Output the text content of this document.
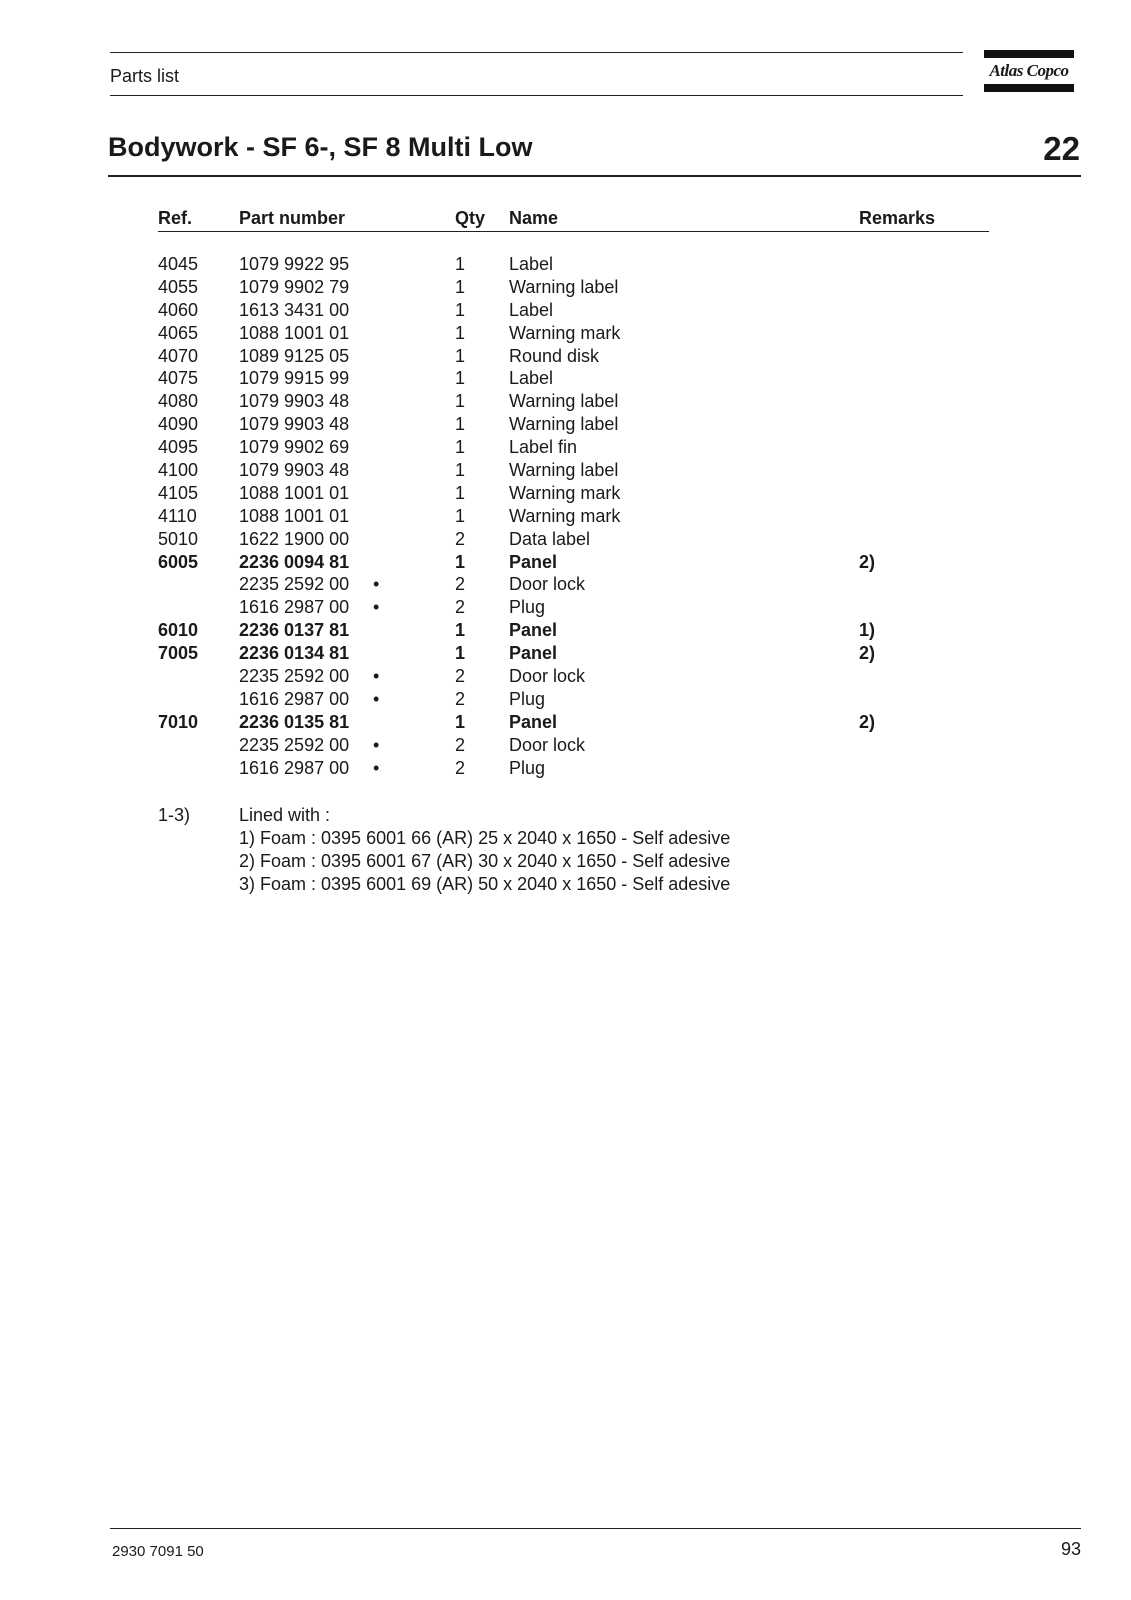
Parts list	Atlas Copco
Bodywork - SF 6-, SF 8 Multi Low	22
Ref.	Part number	Qty Name	Remarks
4045 1079 9922 95	1 Label
4055 1079 9902 79	1 Warning label
4060 1613 3431 00	1 Label
4065 1088 1001 01	1 Warning mark
4070 1089 9125 05	1 Round disk
4075 1079 9915 99	1 Label
4080 1079 9903 48	1 Warning label
4090 1079 9903 48	1 Warning label
4095 1079 9902 69	1 Label fin
4100 1079 9903 48	1 Warning label
4105 1088 1001 01	1 Warning mark
4110 1088 1001 01	1 Warning mark
5010 1622 1900 00	2 Data label
6005 2236 0094 81	1 Panel	2)
2235 2592 00 •	2 Door lock
1616 2987 00 •	2 Plug
6010 2236 0137 81	1 Panel	1)
7005 2236 0134 81	1 Panel	2)
2235 2592 00 •	2 Door lock
1616 2987 00 •	2 Plug
7010 2236 0135 81	1 Panel	2)
2235 2592 00 •	2 Door lock
1616 2987 00 •	2 Plug
1-3)	Lined with :
1) Foam : 0395 6001 66 (AR) 25 x 2040 x 1650 - Self adesive
2) Foam : 0395 6001 67 (AR) 30 x 2040 x 1650 - Self adesive
3) Foam : 0395 6001 69 (AR) 50 x 2040 x 1650 - Self adesive
2930 7091 50	93
